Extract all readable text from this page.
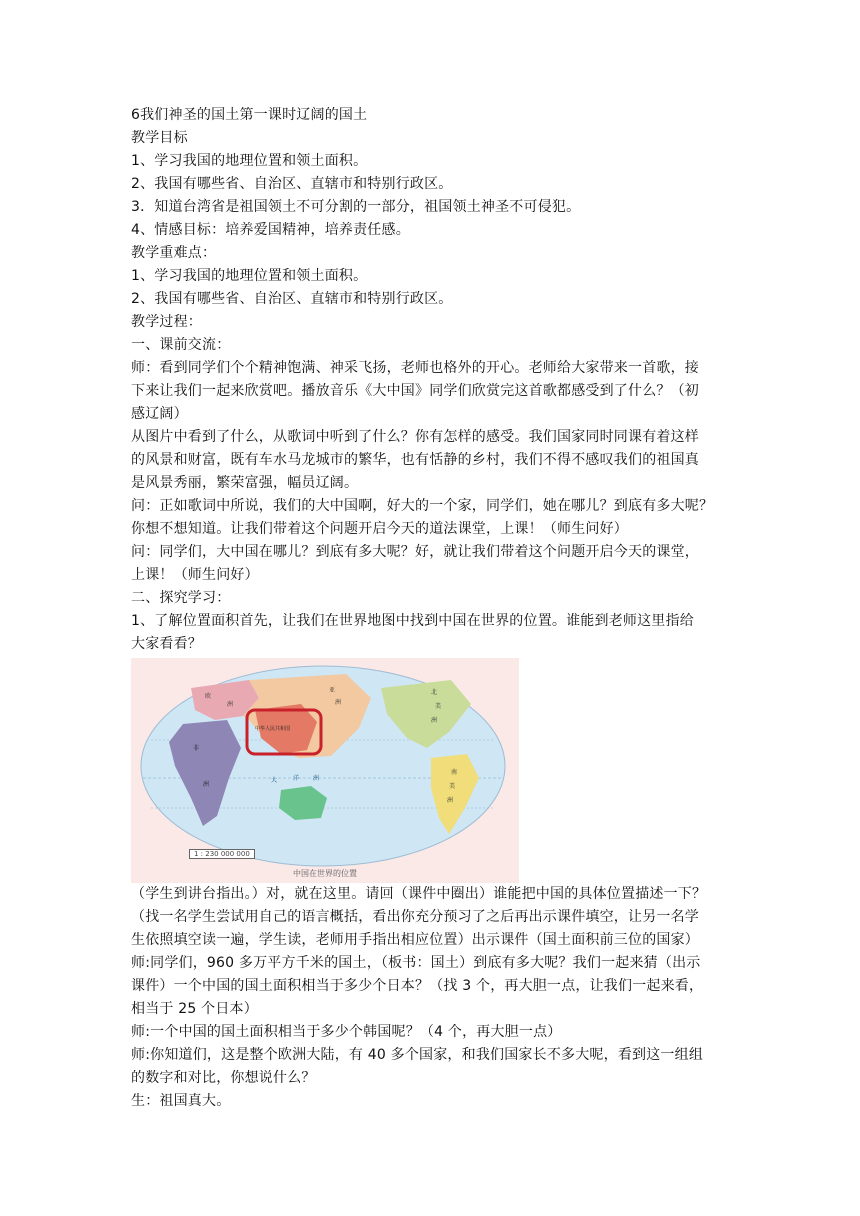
6我们神圣的国土第一课时辽阔的国土

教学目标

1、学习我国的地理位置和领土面积。

2、我国有哪些省、自治区、直辖市和特别行政区。

3．知道台湾省是祖国领土不可分割的一部分，祖国领土神圣不可侵犯。

4、情感目标：培养爱国精神，培养责任感。

教学重难点：

1、学习我国的地理位置和领土面积。

2、我国有哪些省、自治区、直辖市和特别行政区。

教学过程：

一、课前交流：

师：看到同学们个个精神饱满、神采飞扬，老师也格外的开心。老师给大家带来一首歌，接

下来让我们一起来欣赏吧。播放音乐《大中国》同学们欣赏完这首歌都感受到了什么？（初

感辽阔）

从图片中看到了什么，从歌词中听到了什么？你有怎样的感受。我们国家同时同课有着这样

的风景和财富，既有车水马龙城市的繁华，也有恬静的乡村，我们不得不感叹我们的祖国真

是风景秀丽，繁荣富强，幅员辽阔。

问：正如歌词中所说，我们的大中国啊，好大的一个家，同学们，她在哪儿？到底有多大呢？

你想不想知道。让我们带着这个问题开启今天的道法课堂，上课！（师生问好）

问：同学们，大中国在哪儿？到底有多大呢？好，就让我们带着这个问题开启今天的课堂，

上课！（师生问好）

二、探究学习：

1、了解位置面积首先，让我们在世界地图中找到中国在世界的位置。谁能到老师这里指给

大家看看？

中华人民共和国
欧
洲
亚
洲
北
美
洲
非
洲
大	洋 洲
南
美
洲
1 : 230 000 000
中国在世界的位置

（学生到讲台指出。）对，就在这里。请回（课件中圈出）谁能把中国的具体位置描述一下？

（找一名学生尝试用自己的语言概括，看出你充分预习了之后再出示课件填空，让另一名学

生依照填空读一遍，学生读，老师用手指出相应位置）出示课件（国土面积前三位的国家）

师:同学们，960 多万平方千米的国土，（板书：国土）到底有多大呢？我们一起来猜（出示

课件）一个中国的国土面积相当于多少个日本？（找 3 个，再大胆一点，让我们一起来看，

相当于 25 个日本）

师:一个中国的国土面积相当于多少个韩国呢？（4 个，再大胆一点）

师:你知道们，这是整个欧洲大陆，有 40 多个国家，和我们国家长不多大呢，看到这一组组

的数字和对比，你想说什么？

生：祖国真大。
